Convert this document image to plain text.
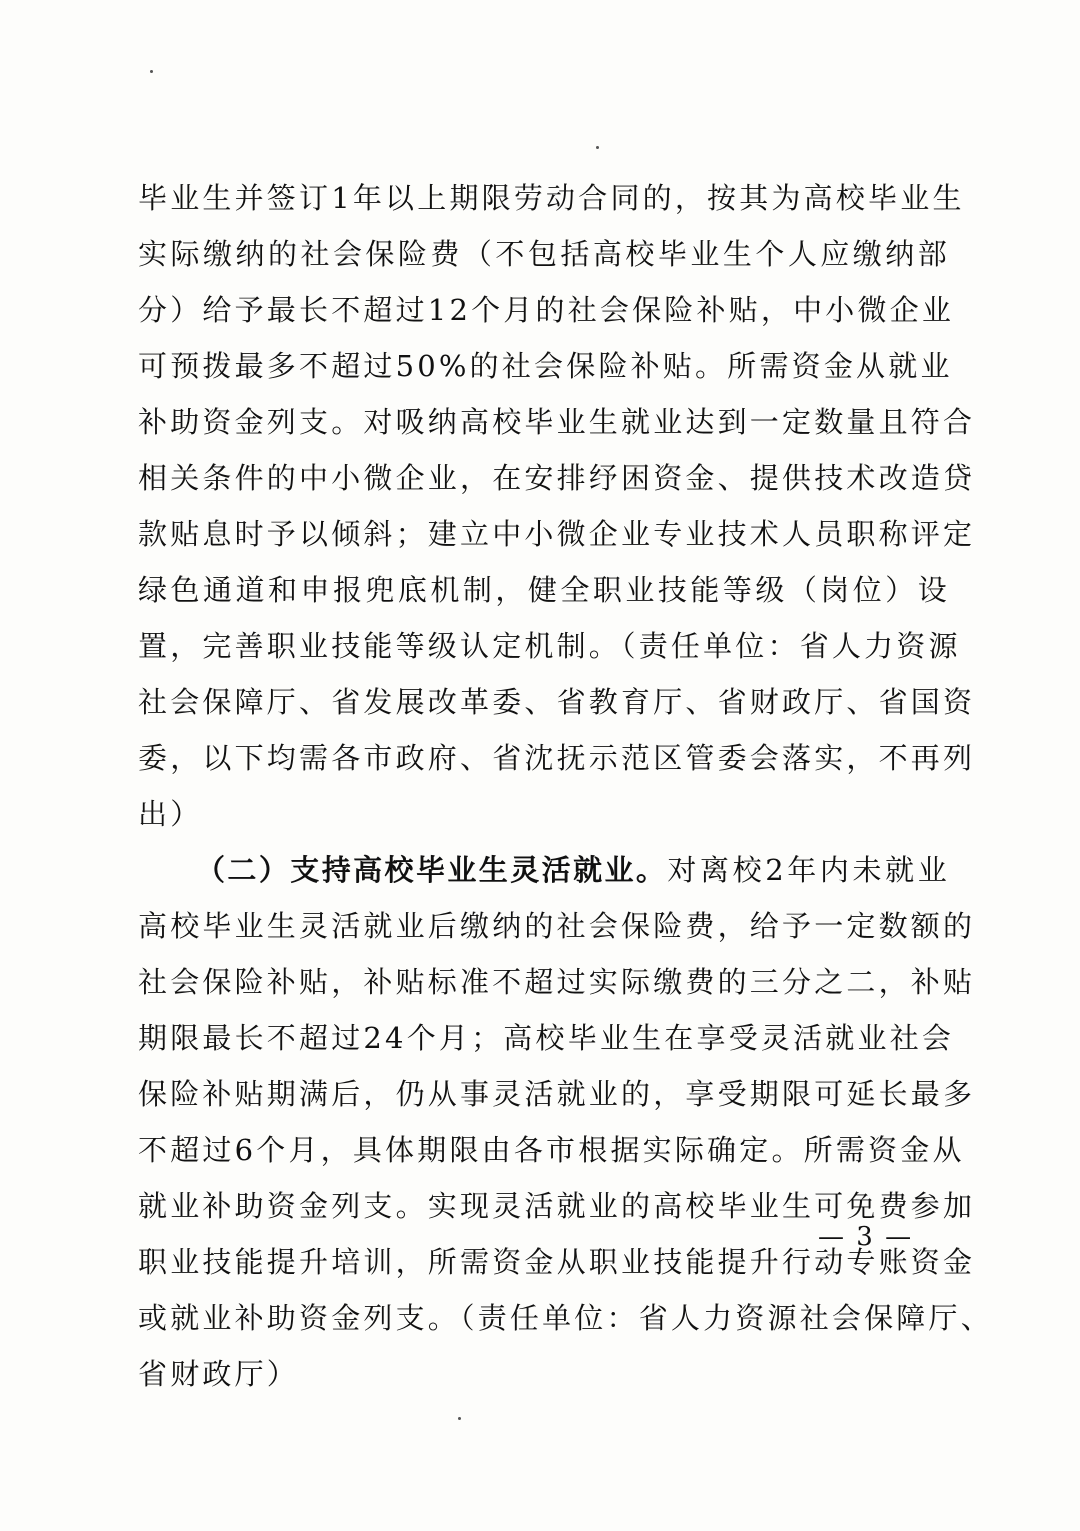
毕业生并签订1年以上期限劳动合同的，按其为高校毕业生
实际缴纳的社会保险费（不包括高校毕业生个人应缴纳部
分）给予最长不超过12个月的社会保险补贴，中小微企业
可预拨最多不超过50%的社会保险补贴。所需资金从就业
补助资金列支。对吸纳高校毕业生就业达到一定数量且符合
相关条件的中小微企业，在安排纾困资金、提供技术改造贷
款贴息时予以倾斜；建立中小微企业专业技术人员职称评定
绿色通道和申报兜底机制，健全职业技能等级（岗位）设
置，完善职业技能等级认定机制。（责任单位：省人力资源
社会保障厅、省发展改革委、省教育厅、省财政厅、省国资
委，以下均需各市政府、省沈抚示范区管委会落实，不再列
出）
（二）支持高校毕业生灵活就业。对离校2年内未就业
高校毕业生灵活就业后缴纳的社会保险费，给予一定数额的
社会保险补贴，补贴标准不超过实际缴费的三分之二，补贴
期限最长不超过24个月；高校毕业生在享受灵活就业社会
保险补贴期满后，仍从事灵活就业的，享受期限可延长最多
不超过6个月，具体期限由各市根据实际确定。所需资金从
就业补助资金列支。实现灵活就业的高校毕业生可免费参加
职业技能提升培训，所需资金从职业技能提升行动专账资金
或就业补助资金列支。（责任单位：省人力资源社会保障厅、
省财政厅）
— 3 —
